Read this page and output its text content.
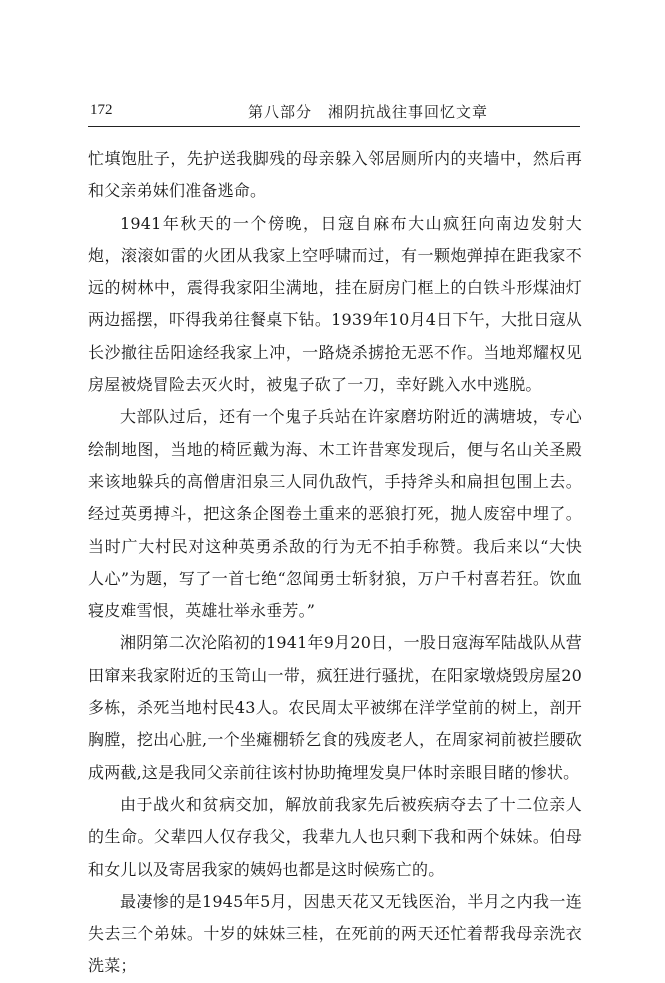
172	第八部分　湘阴抗战往事回忆文章

忙填饱肚子，先护送我脚残的母亲躲入邻居厕所内的夹墙中，然后再和父亲弟妹们准备逃命。

1941年秋天的一个傍晚，日寇自麻布大山疯狂向南边发射大炮，滚滚如雷的火团从我家上空呼啸而过，有一颗炮弹掉在距我家不远的树林中，震得我家阳尘满地，挂在厨房门框上的白铁斗形煤油灯两边摇摆，吓得我弟往餐桌下钻。1939年10月4日下午，大批日寇从长沙撤往岳阳途经我家上冲，一路烧杀掳抢无恶不作。当地郑耀权见房屋被烧冒险去灭火时，被鬼子砍了一刀，幸好跳入水中逃脱。

大部队过后，还有一个鬼子兵站在许家磨坊附近的满塘坡，专心绘制地图，当地的椅匠戴为海、木工许昔寒发现后，便与名山关圣殿来该地躲兵的高僧唐汨泉三人同仇敌忾，手持斧头和扁担包围上去。经过英勇搏斗，把这条企图卷土重来的恶狼打死，抛人废窑中埋了。当时广大村民对这种英勇杀敌的行为无不拍手称赞。我后来以“大快人心”为题，写了一首七绝“忽闻勇士斩豺狼，万户千村喜若狂。饮血寝皮难雪恨，英雄壮举永垂芳。”

湘阴第二次沦陷初的1941年9月20日，一股日寇海军陆战队从营田窜来我家附近的玉笥山一带，疯狂进行骚扰，在阳家墩烧毁房屋20多栋，杀死当地村民43人。农民周太平被绑在洋学堂前的树上，剖开胸膛，挖出心脏,一个坐瘫棚轿乞食的残废老人，在周家祠前被拦腰砍成两截,这是我同父亲前往该村协助掩埋发臭尸体时亲眼目睹的惨状。

由于战火和贫病交加，解放前我家先后被疾病夺去了十二位亲人的生命。父辈四人仅存我父，我辈九人也只剩下我和两个妹妹。伯母和女儿以及寄居我家的姨妈也都是这时候殇亡的。

最凄惨的是1945年5月，因患天花又无钱医治，半月之内我一连失去三个弟妹。十岁的妹妹三桂，在死前的两天还忙着帮我母亲洗衣洗菜；
